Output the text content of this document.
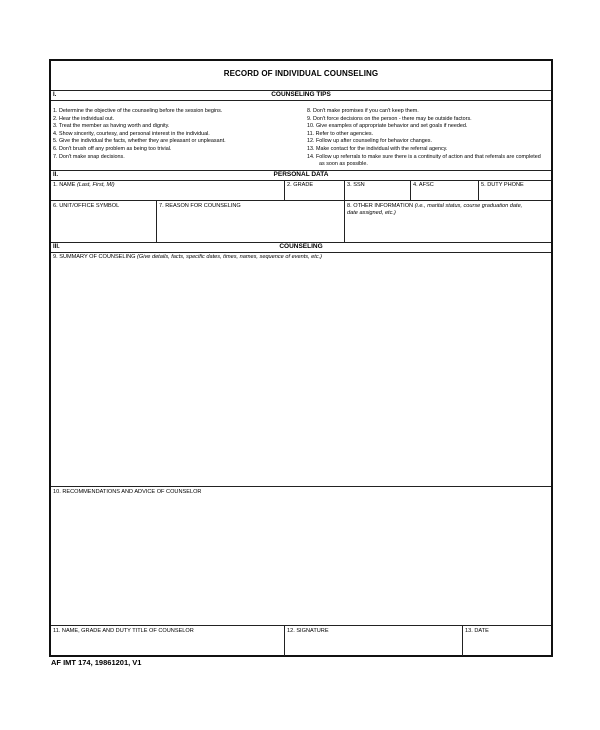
RECORD OF INDIVIDUAL COUNSELING
I.	COUNSELING TIPS
1. Determine the objective of the counseling before the session begins.
2. Hear the individual out.
3. Treat the member as having worth and dignity.
4. Show sincerity, courtesy, and personal interest in the individual.
5. Give the individual the facts, whether they are pleasant or unpleasant.
6. Don't brush off any problem as being too trivial.
7. Don't make snap decisions.
8. Don't make promises if you can't keep them.
9. Don't force decisions on the person - there may be outside factors.
10. Give examples of appropriate behavior and set goals if needed.
11. Refer to other agencies.
12. Follow up after counseling for behavior changes.
13. Make contact for the individual with the referral agency.
14. Follow up referrals to make sure there is a continuity of action and that referrals are completed as soon as possible.
II.	PERSONAL DATA
1. NAME (Last, First, MI)	2. GRADE	3. SSN	4. AFSC	5. DUTY PHONE
6. UNIT/OFFICE SYMBOL	7. REASON FOR COUNSELING	8. OTHER INFORMATION (i.e., marital status, course graduation date, date assigned, etc.)
III.	COUNSELING
9. SUMMARY OF COUNSELING (Give details, facts, specific dates, times, names, sequence of events, etc.)
10. RECOMMENDATIONS AND ADVICE OF COUNSELOR
11. NAME, GRADE AND DUTY TITLE OF COUNSELOR	12. SIGNATURE	13. DATE
AF IMT 174, 19861201, V1
